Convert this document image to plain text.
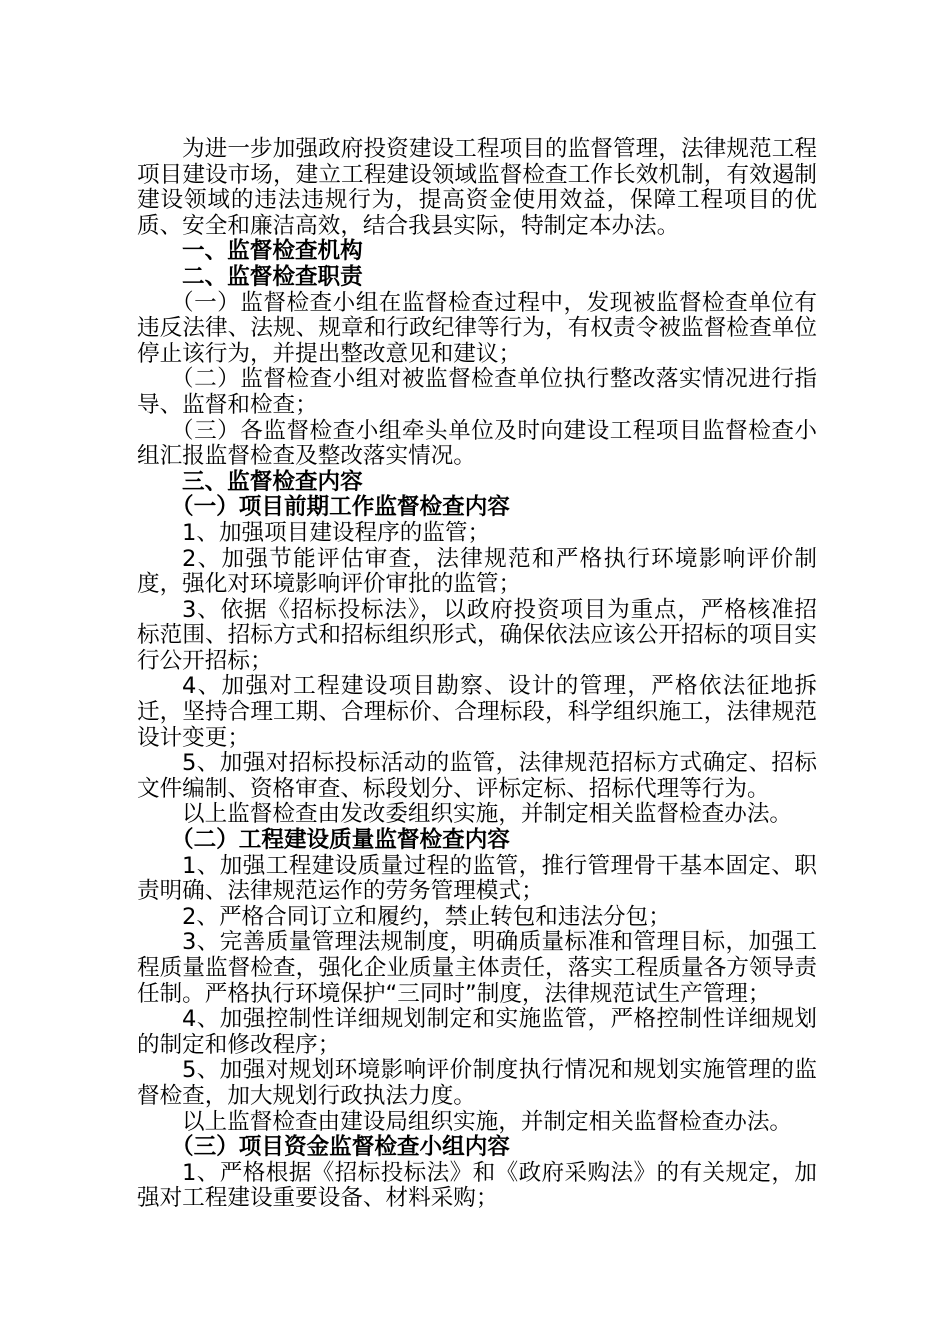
为进一步加强政府投资建设工程项目的监督管理，法律规范工程项目建设市场，建立工程建设领域监督检查工作长效机制，有效遏制建设领域的违法违规行为，提高资金使用效益，保障工程项目的优质、安全和廉洁高效，结合我县实际，特制定本办法。

一、监督检查机构

二、监督检查职责

（一）监督检查小组在监督检查过程中，发现被监督检查单位有违反法律、法规、规章和行政纪律等行为，有权责令被监督检查单位停止该行为，并提出整改意见和建议；

（二）监督检查小组对被监督检查单位执行整改落实情况进行指导、监督和检查；

（三）各监督检查小组牵头单位及时向建设工程项目监督检查小组汇报监督检查及整改落实情况。

三、监督检查内容

（一）项目前期工作监督检查内容

1、加强项目建设程序的监管；

2、加强节能评估审查，法律规范和严格执行环境影响评价制度，强化对环境影响评价审批的监管；

3、依据《招标投标法》，以政府投资项目为重点，严格核准招标范围、招标方式和招标组织形式，确保依法应该公开招标的项目实行公开招标；

4、加强对工程建设项目勘察、设计的管理，严格依法征地拆迁，坚持合理工期、合理标价、合理标段，科学组织施工，法律规范设计变更；

5、加强对招标投标活动的监管，法律规范招标方式确定、招标文件编制、资格审查、标段划分、评标定标、招标代理等行为。

以上监督检查由发改委组织实施，并制定相关监督检查办法。

（二）工程建设质量监督检查内容

1、加强工程建设质量过程的监管，推行管理骨干基本固定、职责明确、法律规范运作的劳务管理模式；

2、严格合同订立和履约，禁止转包和违法分包；

3、完善质量管理法规制度，明确质量标准和管理目标，加强工程质量监督检查，强化企业质量主体责任，落实工程质量各方领导责任制。严格执行环境保护“三同时”制度，法律规范试生产管理；

4、加强控制性详细规划制定和实施监管，严格控制性详细规划的制定和修改程序；

5、加强对规划环境影响评价制度执行情况和规划实施管理的监督检查，加大规划行政执法力度。

以上监督检查由建设局组织实施，并制定相关监督检查办法。

（三）项目资金监督检查小组内容

1、严格根据《招标投标法》和《政府采购法》的有关规定，加强对工程建设重要设备、材料采购；
